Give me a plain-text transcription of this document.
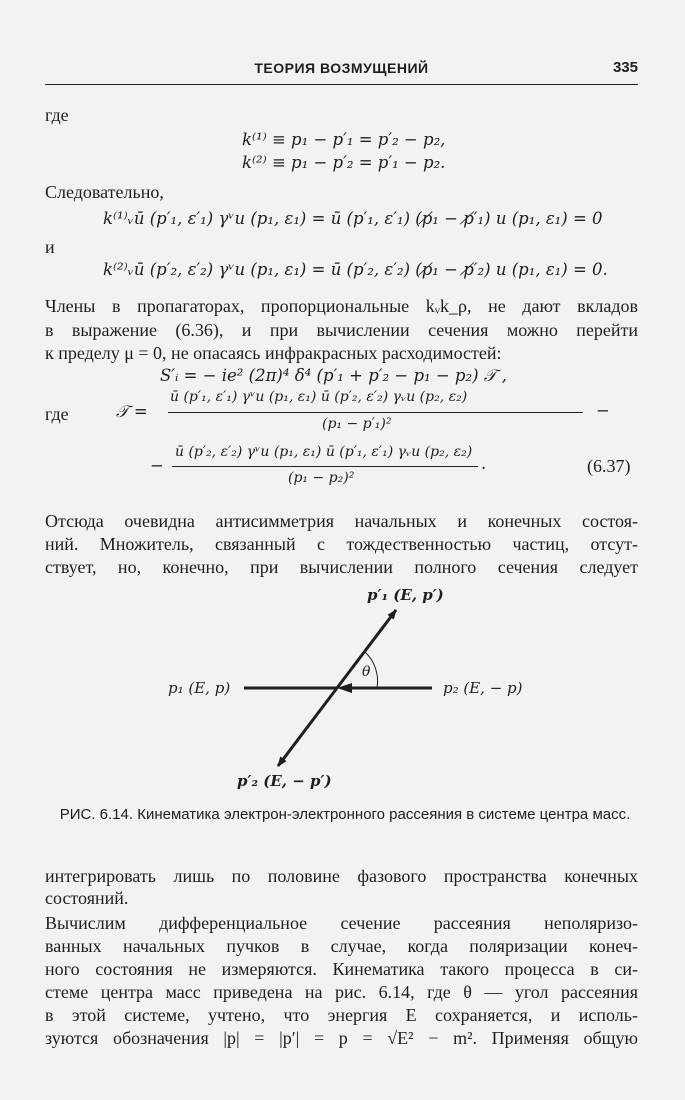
ТЕОРИЯ ВОЗМУЩЕНИЙ	335
где
k⁽¹⁾ ≡ p₁ − p′₁ = p′₂ − p₂,
k⁽²⁾ ≡ p₁ − p′₂ = p′₁ − p₂.
Следовательно,
k⁽¹⁾ᵥū (p′₁, ε′₁) γᵛu (p₁, ε₁) = ū (p′₁, ε′₁) (p̸₁ − p̸′₁) u (p₁, ε₁) = 0
и
k⁽²⁾ᵥū (p′₂, ε′₂) γᵛu (p₁, ε₁) = ū (p′₂, ε′₂) (p̸₁ − p̸′₂) u (p₁, ε₁) = 0.
Члены в пропагаторах, пропорциональные kᵥk_ρ, не дают вкладов
в выражение (6.36), и при вычислении сечения можно перейти
к пределу μ = 0, не опасаясь инфракрасных расходимостей:
S′ᵢ = − ie² (2π)⁴ δ⁴ (p′₁ + p′₂ − p₁ − p₂) 𝒯 ,
где	𝒯 =
ū (p′₁, ε′₁) γᵛu (p₁, ε₁) ū (p′₂, ε′₂) γᵥu (p₂, ε₂)
(p₁ − p′₁)²
−
−
ū (p′₂, ε′₂) γᵛu (p₁, ε₁) ū (p′₁, ε′₁) γᵥu (p₂, ε₂)
(p₁ − p₂)²
.	(6.37)
Отсюда очевидна антисимметрия начальных и конечных состоя-
ний. Множитель, связанный с тождественностью частиц, отсут-
ствует, но, конечно, при вычислении полного сечения следует
p′₁ (E, p′)
p₁ (E, p)
θ
p₂ (E, − p)
p′₂ (E, − p′)
РИС. 6.14. Кинематика электрон-электронного рассеяния в системе центра масс.
интегрировать лишь по половине фазового пространства конечных
состояний.
Вычислим дифференциальное сечение рассеяния неполяризо-
ванных начальных пучков в случае, когда поляризации конеч-
ного состояния не измеряются. Кинематика такого процесса в си-
стеме центра масс приведена на рис. 6.14, где θ — угол рассеяния
в этой системе, учтено, что энергия E сохраняется, и исполь-
зуются обозначения |p| = |p′| = p = √E² − m². Применяя общую
